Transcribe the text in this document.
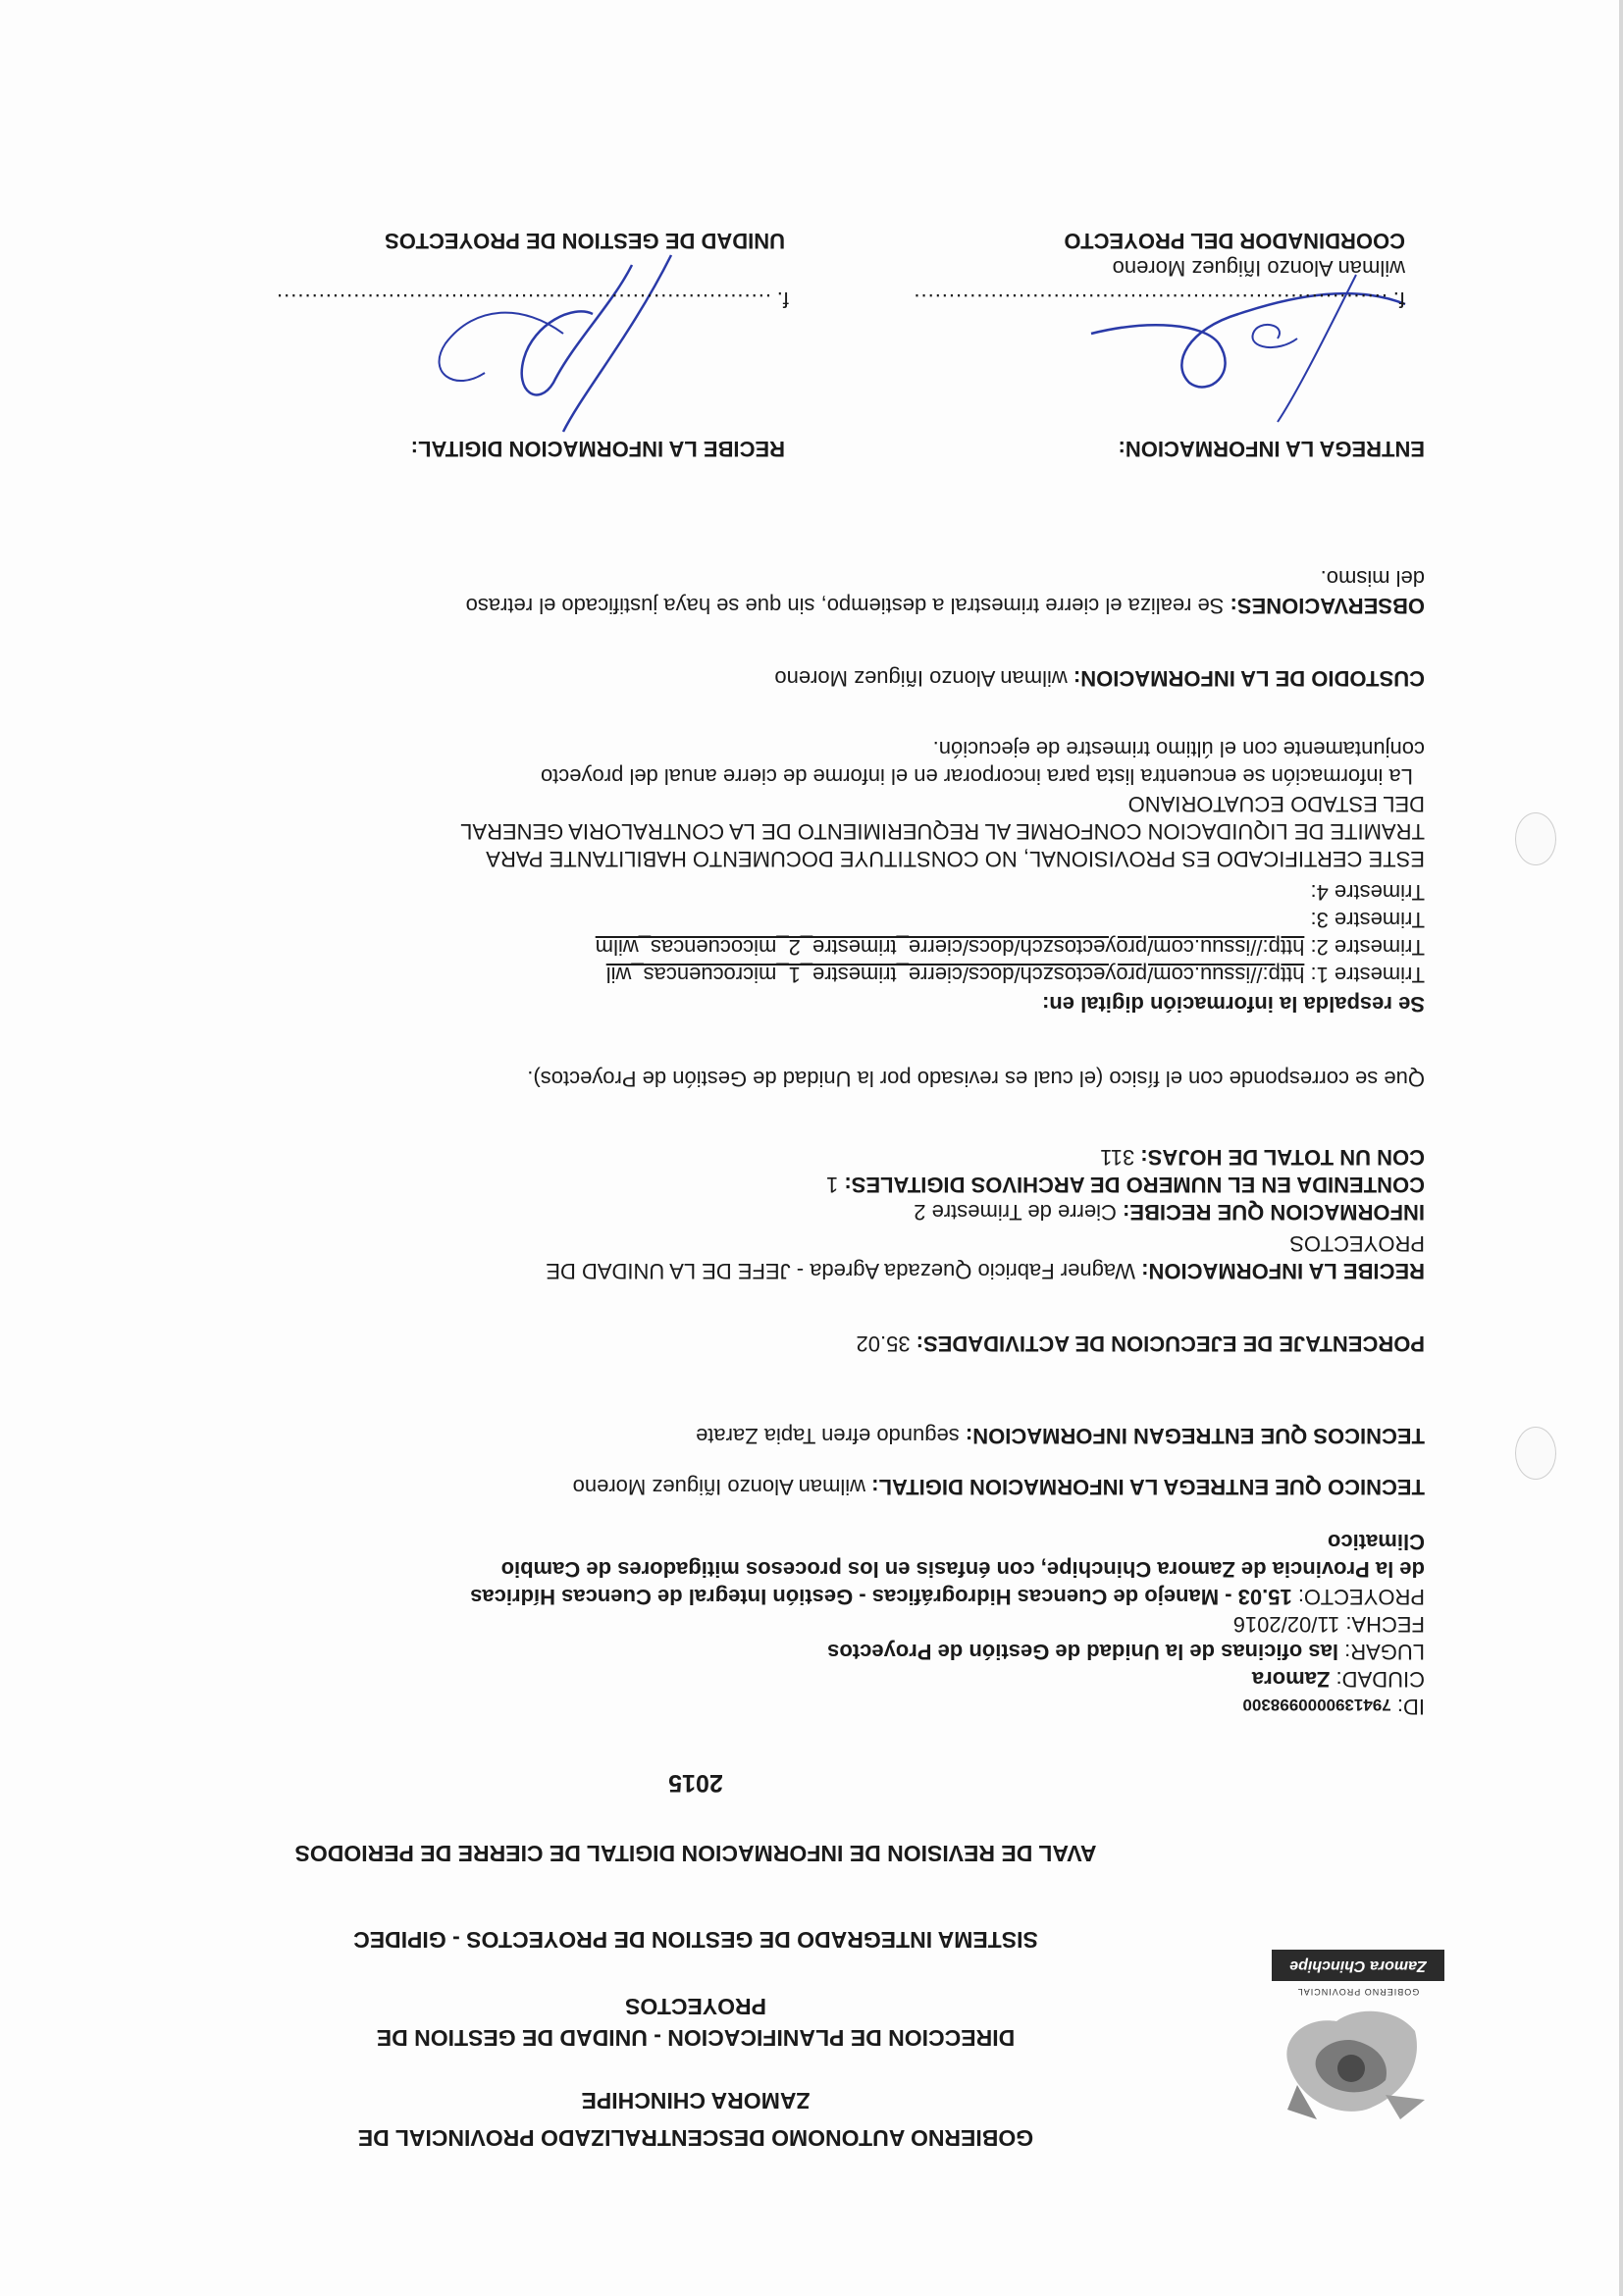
GOBIERNO PROVINCIAL
Zamora Chinchipe
GOBIERNO AUTONOMO DESCENTRALIZADO PROVINCIAL DE
ZAMORA CHINCHIPE
DIRECCION DE PLANIFICACION - UNIDAD DE GESTION DE
PROYECTOS
SISTEMA INTEGRADO DE GESTION DE PROYECTOS - GIPIDEC
AVAL DE REVISION DE INFORMACION DIGITAL DE CIERRE DE PERIODOS
2015
ID: 7941390000998300
CIUDAD: Zamora
LUGAR: las oficinas de la Unidad de Gestión de Proyectos
FECHA: 11/02/2016
PROYECTO: 15.03 - Manejo de Cuencas Hidrográficas - Gestión Integral de Cuencas Hídricas
de la Provincia de Zamora Chinchipe, con énfasis en los procesos mitigadores de Cambio
Climatico
TECNICO QUE ENTREGA LA INFORMACION DIGITAL: wilman Alonzo Iñiguez Moreno
TECNICOS QUE ENTREGAN INFORMACION: segundo efren Tapia Zarate
PORCENTAJE DE EJECUCION DE ACTIVIDADES: 35.02
RECIBE LA INFORMACION: Wagner Fabricio Quezada Agreda - JEFE DE LA UNIDAD DE
PROYECTOS
INFORMACION QUE RECIBE: Cierre de Trimestre 2
CONTENIDA EN EL NUMERO DE ARCHIVOS DIGITALES: 1
CON UN TOTAL DE HOJAS: 311
Que se corresponde con el físico (el cual es revisado por la Unidad de Gestión de Proyectos).
Se respalda la información digital en:
Trimestre 1: http://issuu.com/proyectoszch/docs/cierre_trimestre_1_microcuencas_wil
Trimestre 2: http://issuu.com/proyectoszch/docs/cierre_trimestre_2_micocuencas_wilm
Trimestre 3:
Trimestre 4:
ESTE CERTIFICADO ES PROVISIONAL, NO CONSTITUYE DOCUMENTO HABILITANTE PARA
TRAMITE DE LIQUIDACION CONFORME AL REQUERIMIENTO DE LA CONTRALORIA GENERAL
DEL ESTADO ECUATORIANO
La información se encuentra lista para incorporar en el informe de cierre anual del proyecto
conjuntamente con el último trimestre de ejecución.
CUSTODIO DE LA INFORMACION: wilman Alonzo Iñiguez Moreno
OBSERVACIONES: Se realiza el cierre trimestral a destiempo, sin que se haya justificado el retraso
del mismo.
ENTREGA LA INFORMACION:
RECIBE LA INFORMACION DIGITAL:
f.
....................................................................
f.
.......................................................................
wilman Alonzo Iñiguez Moreno
COORDINADOR DEL PROYECTO
UNIDAD DE GESTION DE PROYECTOS
